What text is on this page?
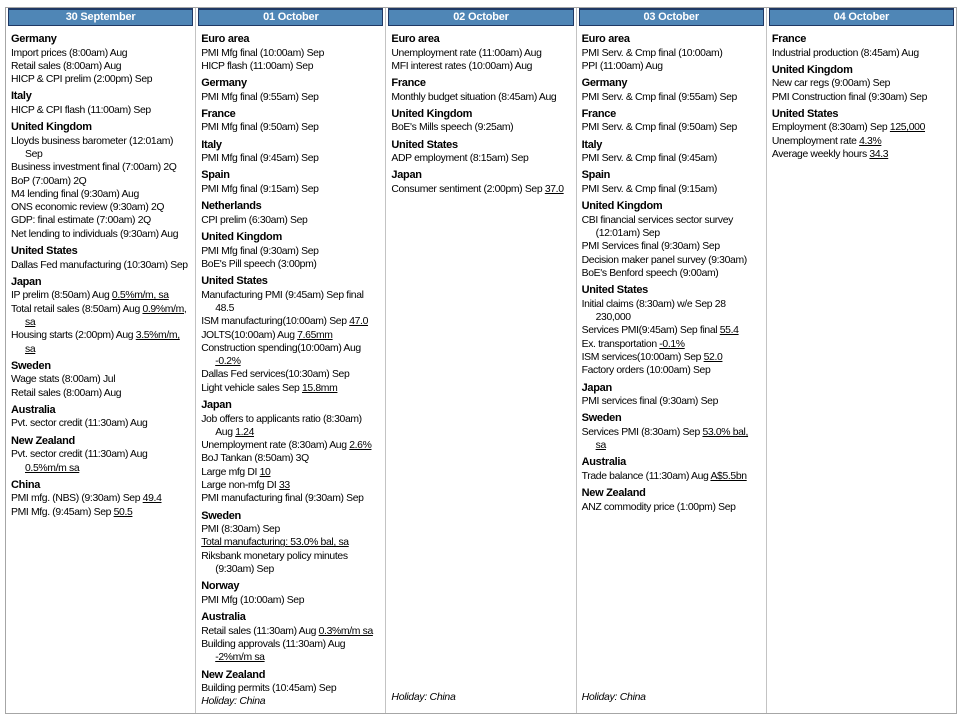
30 September
Germany
Import prices (8:00am) Aug
Retail sales (8:00am) Aug
HICP & CPI prelim (2:00pm) Sep
Italy
HICP & CPI flash (11:00am) Sep
United Kingdom
Lloyds business barometer (12:01am) Sep
Business investment final (7:00am) 2Q
BoP (7:00am) 2Q
M4 lending final (9:30am) Aug
ONS economic review (9:30am) 2Q
GDP: final estimate (7:00am) 2Q
Net lending to individuals (9:30am) Aug
United States
Dallas Fed manufacturing (10:30am) Sep
Japan
IP prelim (8:50am) Aug 0.5%m/m, sa
Total retail sales (8:50am) Aug 0.9%m/m, sa
Housing starts (2:00pm) Aug 3.5%m/m, sa
Sweden
Wage stats (8:00am) Jul
Retail sales (8:00am) Aug
Australia
Pvt. sector credit (11:30am) Aug
New Zealand
Pvt. sector credit (11:30am) Aug 0.5%m/m sa
China
PMI mfg. (NBS) (9:30am) Sep 49.4
PMI Mfg. (9:45am) Sep 50.5
01 October
Euro area
PMI Mfg final (10:00am) Sep
HICP flash (11:00am) Sep
Germany
PMI Mfg final (9:55am) Sep
France
PMI Mfg final (9:50am) Sep
Italy
PMI Mfg final (9:45am) Sep
Spain
PMI Mfg final (9:15am) Sep
Netherlands
CPI prelim (6:30am) Sep
United Kingdom
PMI Mfg final (9:30am) Sep
BoE's Pill speech (3:00pm)
United States
Manufacturing PMI (9:45am) Sep final 48.5
ISM manufacturing(10:00am) Sep 47.0
JOLTS(10:00am) Aug 7.65mm
Construction spending(10:00am) Aug -0.2%
Dallas Fed services(10:30am) Sep
Light vehicle sales Sep 15.8mm
Japan
Job offers to applicants ratio (8:30am) Aug 1.24
Unemployment rate (8:30am) Aug 2.6%
BoJ Tankan (8:50am) 3Q
Large mfg DI 10
Large non-mfg DI 33
PMI manufacturing final (9:30am) Sep
Sweden
PMI (8:30am) Sep
Total manufacturing: 53.0% bal, sa
Riksbank monetary policy minutes (9:30am) Sep
Norway
PMI Mfg (10:00am) Sep
Australia
Retail sales (11:30am) Aug 0.3%m/m sa
Building approvals (11:30am) Aug -2%m/m sa
New Zealand
Building permits (10:45am) Sep
Holiday: China
02 October
Euro area
Unemployment rate (11:00am) Aug
MFI interest rates (10:00am) Aug
France
Monthly budget situation (8:45am) Aug
United Kingdom
BoE's Mills speech (9:25am)
United States
ADP employment (8:15am) Sep
Japan
Consumer sentiment (2:00pm) Sep 37.0
Holiday: China
03 October
Euro area
PMI Serv. & Cmp final (10:00am)
PPI (11:00am) Aug
Germany
PMI Serv. & Cmp final (9:55am) Sep
France
PMI Serv. & Cmp final (9:50am) Sep
Italy
PMI Serv. & Cmp final (9:45am)
Spain
PMI Serv. & Cmp final (9:15am)
United Kingdom
CBI financial services sector survey (12:01am) Sep
PMI Services final (9:30am) Sep
Decision maker panel survey (9:30am)
BoE's Benford speech (9:00am)
United States
Initial claims (8:30am) w/e Sep 28 230,000
Services PMI(9:45am) Sep final 55.4
Ex. transportation -0.1%
ISM services(10:00am) Sep 52.0
Factory orders (10:00am) Sep
Japan
PMI services final (9:30am) Sep
Sweden
Services PMI (8:30am) Sep 53.0% bal, sa
Australia
Trade balance (11:30am) Aug A$5.5bn
New Zealand
ANZ commodity price (1:00pm) Sep
Holiday: China
04 October
France
Industrial production (8:45am) Aug
United Kingdom
New car regs (9:00am) Sep
PMI Construction final (9:30am) Sep
United States
Employment (8:30am) Sep 125,000
Unemployment rate 4.3%
Average weekly hours 34.3
